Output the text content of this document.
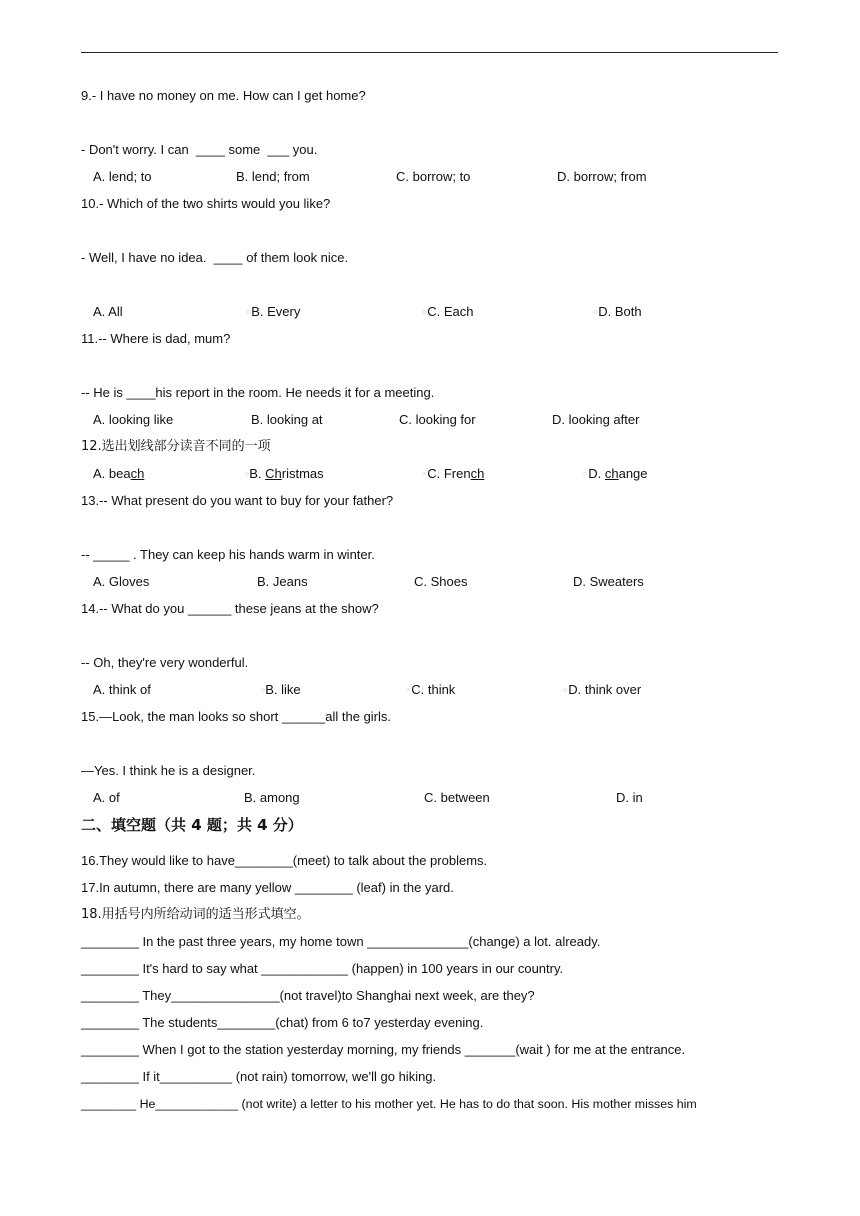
9.- I have no money on me. How can I get home?
- Don't worry. I can  ____ some  ___ you.
A. lend; to	B. lend; from	C. borrow; to	D. borrow; from
10.- Which of the two shirts would you like?
- Well, I have no idea.  ____ of them look nice.
A. All	○B. Every	○C. Each	○D. Both
11.-- Where is dad, mum?
-- He is ____his report in the room. He needs it for a meeting.
A. looking like	B. looking at	C. looking for	D. looking after
12.选出划线部分读音不同的一项
A. beach	○B. Christmas	○C. French	○D. change
13.-- What present do you want to buy for your father?
-- _____ . They can keep his hands warm in winter.
A. Gloves	B. Jeans	C. Shoes	D. Sweaters
14.-- What do you ______ these jeans at the show?
-- Oh, they're very wonderful.
A. think of	○B. like	○C. think	○D. think over
15.—Look, the man looks so short ______all the girls.
—Yes. I think he is a designer.
A. of	B. among	C. between	D. in
二、填空题（共 4 题；共 4 分）
16.They would like to have________(meet) to talk about the problems.
17.In autumn, there are many yellow ________ (leaf) in the yard.
18.用括号内所给动词的适当形式填空。
________ In the past three years, my home town ______________(change) a lot. already.
________ It's hard to say what ____________ (happen) in 100 years in our country.
________ They_______________(not travel)to Shanghai next week, are they?
________ The students________(chat) from 6 to7 yesterday evening.
________ When I got to the station yesterday morning, my friends _______(wait ) for me at the entrance.
________ If it__________ (not rain) tomorrow, we'll go hiking.
________ He____________ (not write) a letter to his mother yet. He has to do that soon. His mother misses him
